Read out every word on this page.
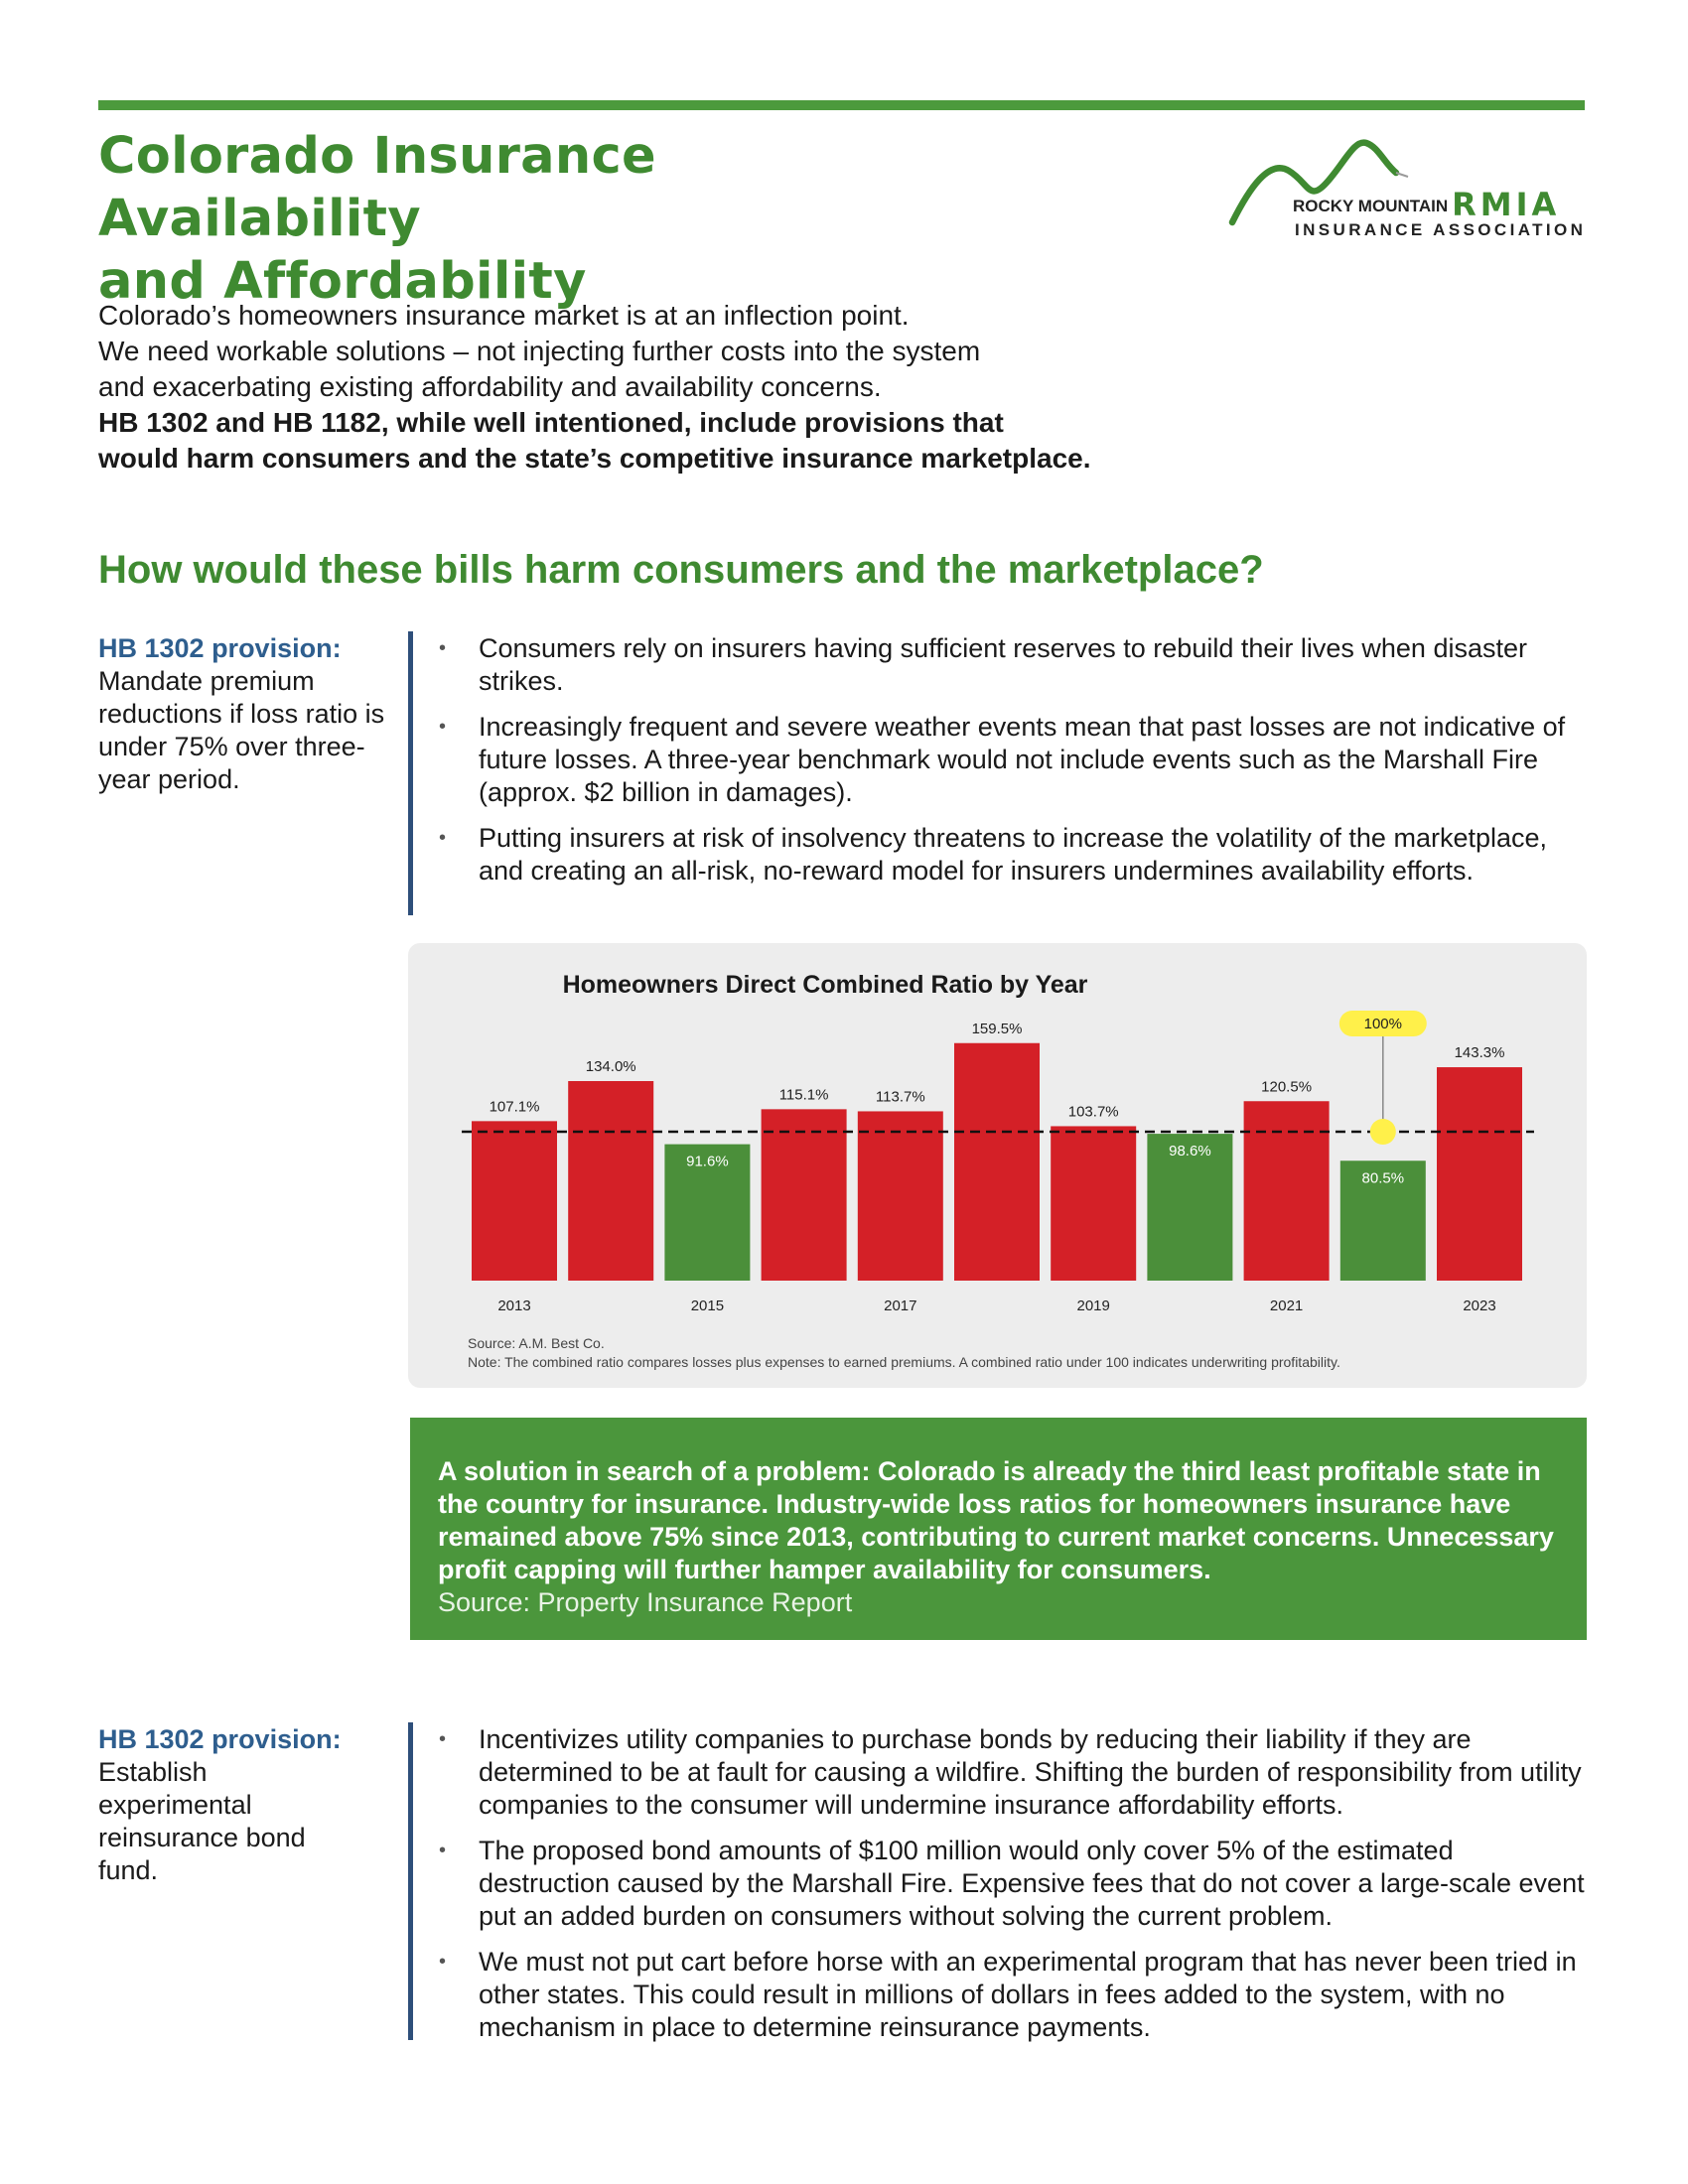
Colorado Insurance Availability
and Affordability
ROCKY MOUNTAIN RMIA
INSURANCE ASSOCIATION

Colorado’s homeowners insurance market is at an inflection point.

We need workable solutions – not injecting further costs into the system

and exacerbating existing affordability and availability concerns.

HB 1302 and HB 1182, while well intentioned, include provisions that

would harm consumers and the state’s competitive insurance marketplace.

How would these bills harm consumers and the marketplace?
HB 1302 provision:
Mandate premium reductions if loss ratio is under 75% over three-year period.
• Consumers rely on insurers having sufficient reserves to rebuild their lives when disaster strikes.
• Increasingly frequent and severe weather events mean that past losses are not indicative of future losses. A three-year benchmark would not include events such as the Marshall Fire (approx. $2 billion in damages).
• Putting insurers at risk of insolvency threatens to increase the volatility of the marketplace, and creating an all-risk, no-reward model for insurers undermines availability efforts.
Homeowners Direct Combined Ratio by Year
107.1%
2013
134.0%
91.6%
2015
115.1%	113.7%
2017
159.5%
103.7%
2019
98.6%
120.5%
2021
80.5%
143.3%
2023
100%
Source: A.M. Best Co.
Note: The combined ratio compares losses plus expenses to earned premiums. A combined ratio under 100 indicates underwriting profitability.
A solution in search of a problem: Colorado is already the third least profitable state in the country for insurance. Industry-wide loss ratios for homeowners insurance have remained above 75% since 2013, contributing to current market concerns. Unnecessary profit capping will further hamper availability for consumers.
Source: Property Insurance Report
HB 1302 provision:
Establish experimental reinsurance bond fund.
• Incentivizes utility companies to purchase bonds by reducing their liability if they are determined to be at fault for causing a wildfire. Shifting the burden of responsibility from utility companies to the consumer will undermine insurance affordability efforts.
• The proposed bond amounts of $100 million would only cover 5% of the estimated destruction caused by the Marshall Fire. Expensive fees that do not cover a large-scale event put an added burden on consumers without solving the current problem.
• We must not put cart before horse with an experimental program that has never been tried in other states. This could result in millions of dollars in fees added to the system, with no mechanism in place to determine reinsurance payments.
